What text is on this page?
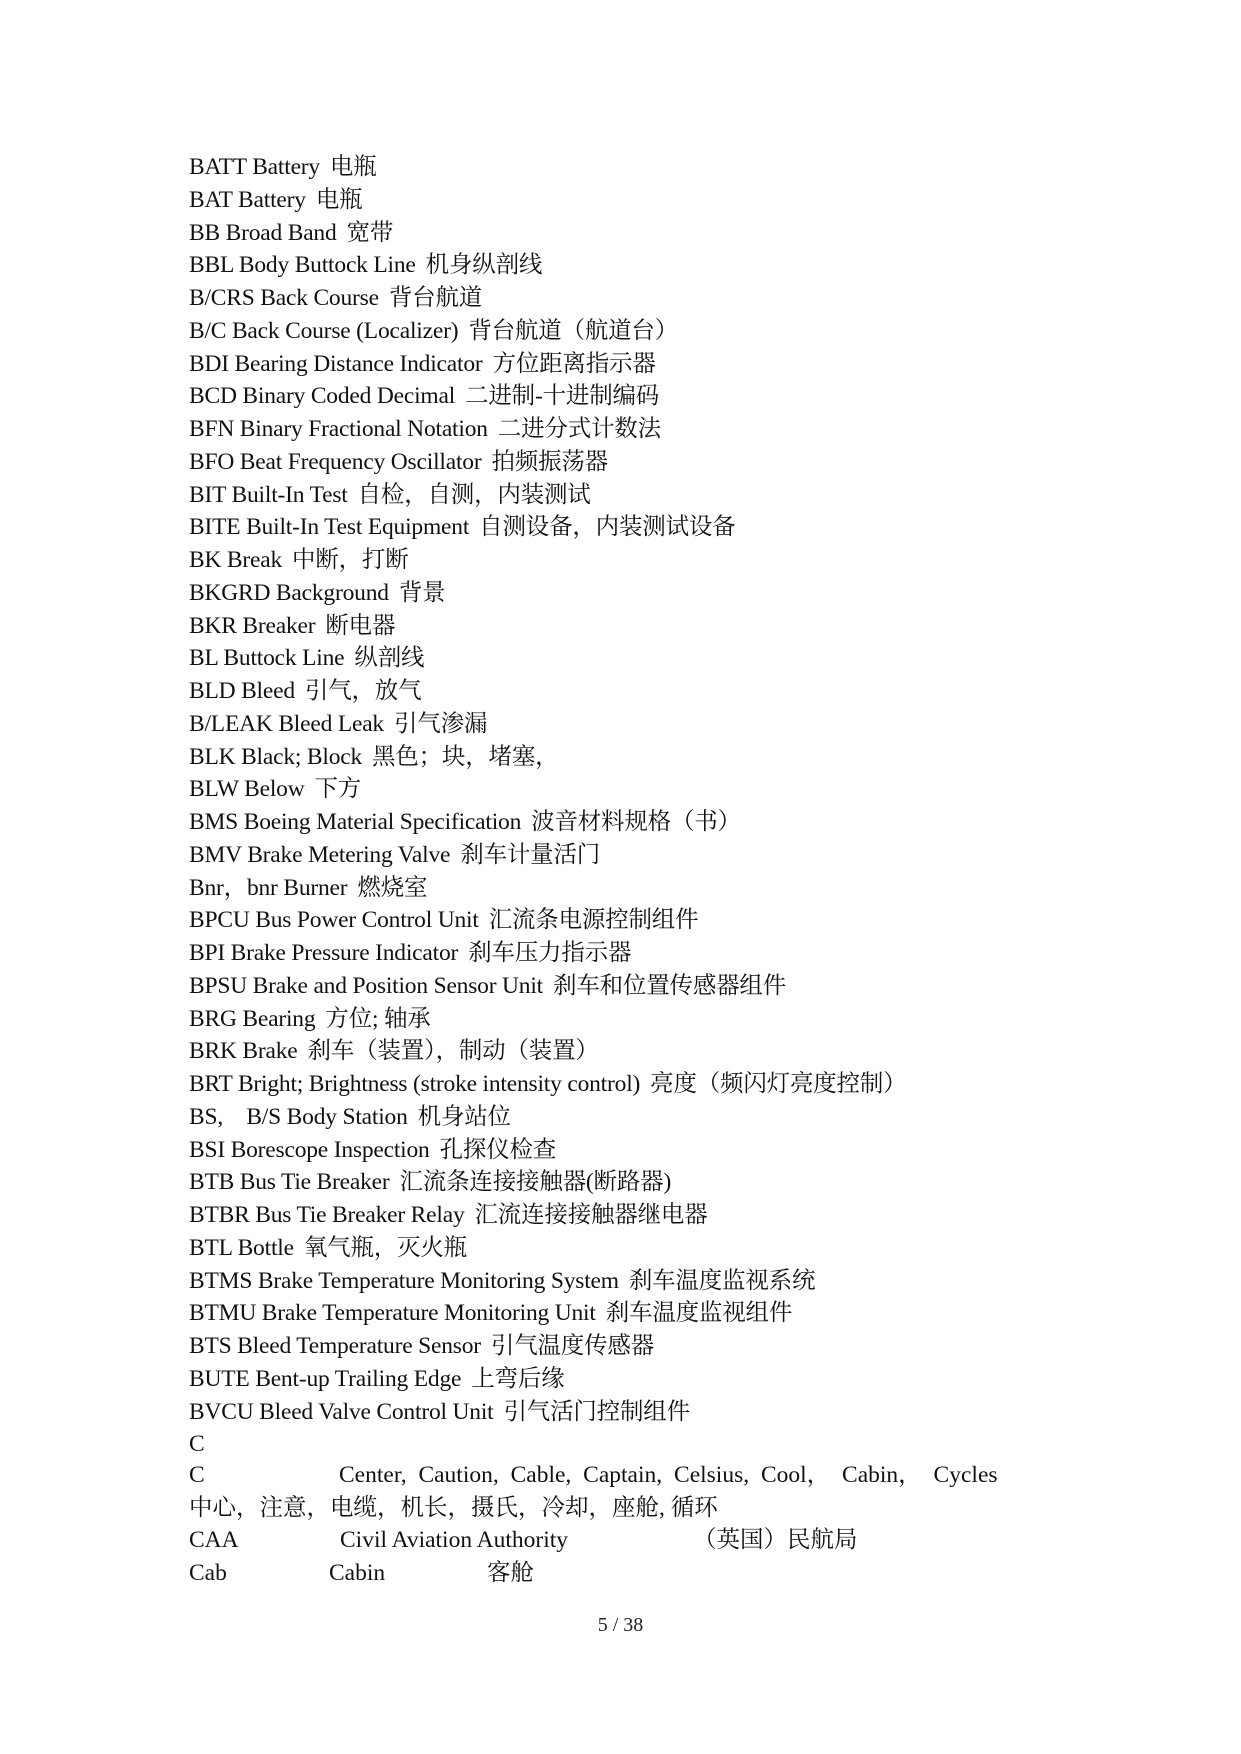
BATT Battery 电瓶
BAT Battery 电瓶
BB Broad Band 宽带
BBL Body Buttock Line 机身纵剖线
B/CRS Back Course 背台航道
B/C Back Course (Localizer) 背台航道（航道台）
BDI Bearing Distance Indicator 方位距离指示器
BCD Binary Coded Decimal 二进制-十进制编码
BFN Binary Fractional Notation 二进分式计数法
BFO Beat Frequency Oscillator 拍频振荡器
BIT Built-In Test 自检，自测，内装测试
BITE Built-In Test Equipment 自测设备，内装测试设备
BK Break 中断，打断
BKGRD Background 背景
BKR Breaker 断电器
BL Buttock Line 纵剖线
BLD Bleed 引气，放气
B/LEAK Bleed Leak 引气渗漏
BLK Black; Block 黑色；块，堵塞，
BLW Below 下方
BMS Boeing Material Specification 波音材料规格（书）
BMV Brake Metering Valve 刹车计量活门
Bnr，bnr Burner 燃烧室
BPCU Bus Power Control Unit 汇流条电源控制组件
BPI Brake Pressure Indicator 刹车压力指示器
BPSU Brake and Position Sensor Unit 刹车和位置传感器组件
BRG Bearing 方位; 轴承
BRK Brake 刹车（装置），制动（装置）
BRT Bright; Brightness (stroke intensity control) 亮度（频闪灯亮度控制）
BS,　B/S Body Station 机身站位
BSI Borescope Inspection 孔探仪检查
BTB Bus Tie Breaker 汇流条连接接触器(断路器)
BTBR Bus Tie Breaker Relay 汇流连接接触器继电器
BTL Bottle 氧气瓶，灭火瓶
BTMS Brake Temperature Monitoring System 刹车温度监视系统
BTMU Brake Temperature Monitoring Unit 刹车温度监视组件
BTS Bleed Temperature Sensor 引气温度传感器
BUTE Bent-up Trailing Edge 上弯后缘
BVCU Bleed Valve Control Unit 引气活门控制组件
C
C	Center, Caution, Cable, Captain, Celsius, Cool， Cabin， Cycles
中心，注意，电缆，机长，摄氏，冷却，座舱, 循环
CAA	Civil Aviation Authority	（英国）民航局
Cab	Cabin	客舱
5 / 38
